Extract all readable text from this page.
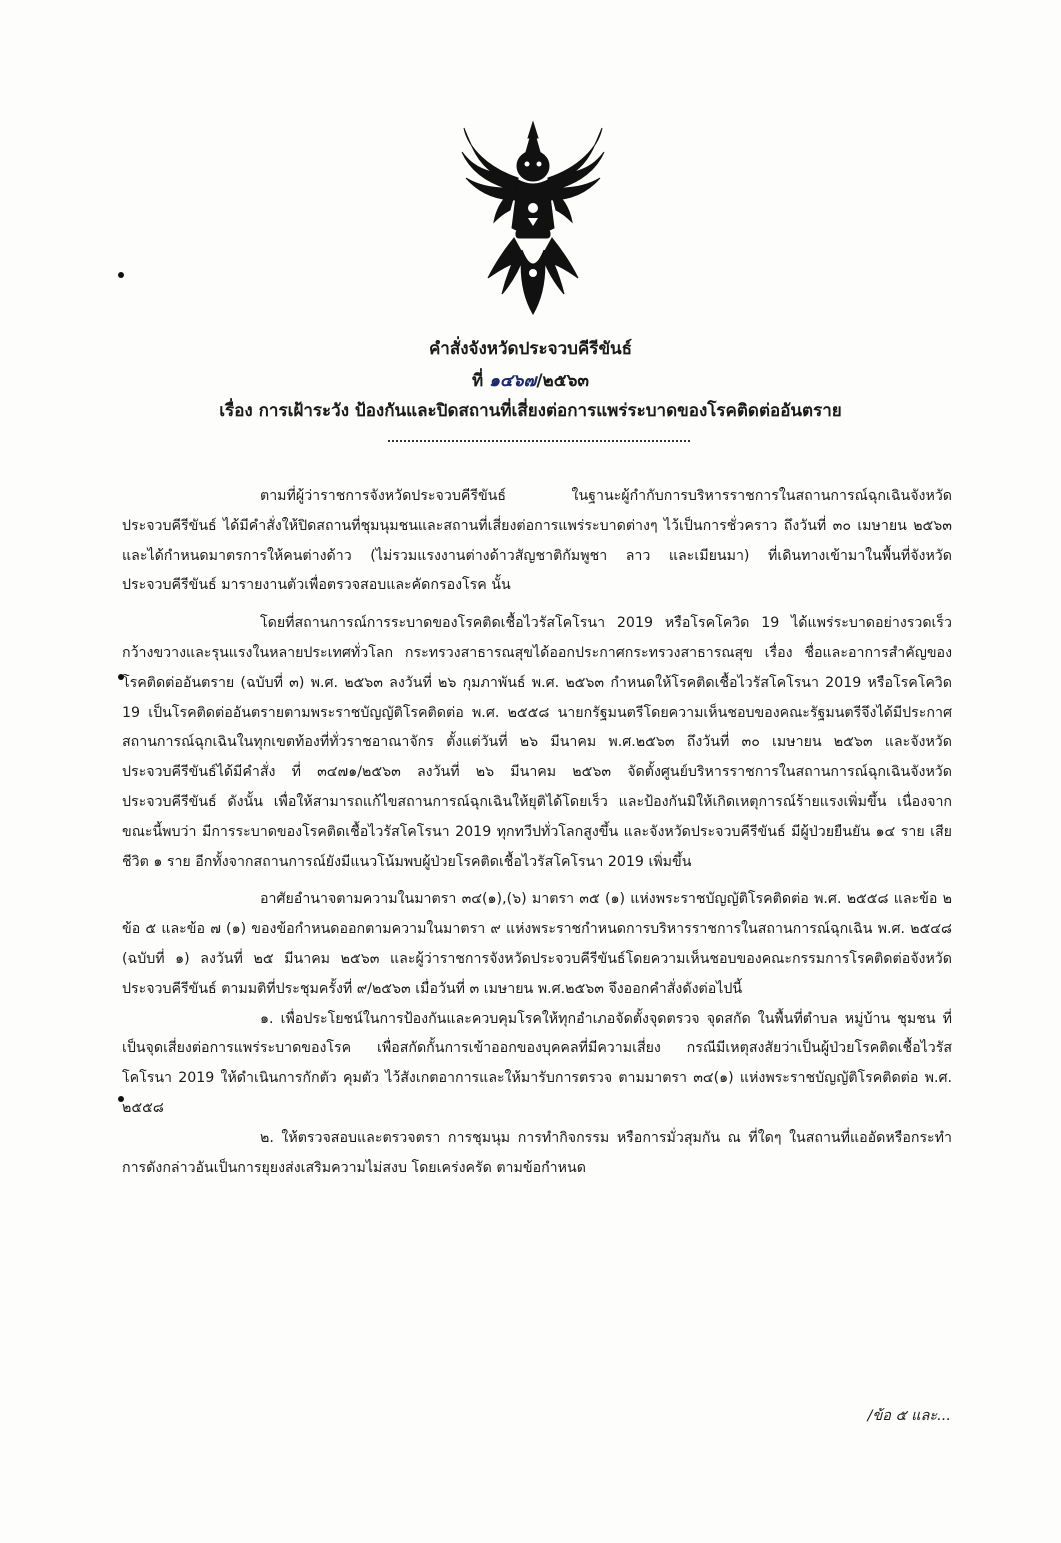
คำสั่งจังหวัดประจวบคีรีขันธ์
ที่ ๑๔๖๗/๒๕๖๓
เรื่อง การเฝ้าระวัง ป้องกันและปิดสถานที่เสี่ยงต่อการแพร่ระบาดของโรคติดต่ออันตราย

ตามที่ผู้ว่าราชการจังหวัดประจวบคีรีขันธ์ ในฐานะผู้กำกับการบริหารราชการในสถานการณ์ฉุกเฉินจังหวัดประจวบคีรีขันธ์ ได้มีคำสั่งให้ปิดสถานที่ชุมนุมชนและสถานที่เสี่ยงต่อการแพร่ระบาดต่างๆ ไว้เป็นการชั่วคราว ถึงวันที่ ๓๐ เมษายน ๒๕๖๓ และได้กำหนดมาตรการให้คนต่างด้าว (ไม่รวมแรงงานต่างด้าวสัญชาติกัมพูชา ลาว และเมียนมา) ที่เดินทางเข้ามาในพื้นที่จังหวัดประจวบคีรีขันธ์ มารายงานตัวเพื่อตรวจสอบและคัดกรองโรค นั้น

โดยที่สถานการณ์การระบาดของโรคติดเชื้อไวรัสโคโรนา 2019 หรือโรคโควิด 19 ได้แพร่ระบาดอย่างรวดเร็วกว้างขวางและรุนแรงในหลายประเทศทั่วโลก กระทรวงสาธารณสุขได้ออกประกาศกระทรวงสาธารณสุข เรื่อง ชื่อและอาการสำคัญของโรคติดต่ออันตราย (ฉบับที่ ๓) พ.ศ. ๒๕๖๓ ลงวันที่ ๒๖ กุมภาพันธ์ พ.ศ. ๒๕๖๓ กำหนดให้โรคติดเชื้อไวรัสโคโรนา 2019 หรือโรคโควิด 19 เป็นโรคติดต่ออันตรายตามพระราชบัญญัติโรคติดต่อ พ.ศ. ๒๕๕๘ นายกรัฐมนตรีโดยความเห็นชอบของคณะรัฐมนตรีจึงได้มีประกาศสถานการณ์ฉุกเฉินในทุกเขตท้องที่ทั่วราชอาณาจักร ตั้งแต่วันที่ ๒๖ มีนาคม พ.ศ.๒๕๖๓ ถึงวันที่ ๓๐ เมษายน ๒๕๖๓ และจังหวัดประจวบคีรีขันธ์ได้มีคำสั่ง ที่ ๓๔๗๑/๒๕๖๓ ลงวันที่ ๒๖ มีนาคม ๒๕๖๓ จัดตั้งศูนย์บริหารราชการในสถานการณ์ฉุกเฉินจังหวัดประจวบคีรีขันธ์ ดังนั้น เพื่อให้สามารถแก้ไขสถานการณ์ฉุกเฉินให้ยุติได้โดยเร็ว และป้องกันมิให้เกิดเหตุการณ์ร้ายแรงเพิ่มขึ้น เนื่องจากขณะนี้พบว่า มีการระบาดของโรคติดเชื้อไวรัสโคโรนา 2019 ทุกทวีปทั่วโลกสูงขึ้น และจังหวัดประจวบคีรีขันธ์ มีผู้ป่วยยืนยัน ๑๔ ราย เสียชีวิต ๑ ราย อีกทั้งจากสถานการณ์ยังมีแนวโน้มพบผู้ป่วยโรคติดเชื้อไวรัสโคโรนา 2019 เพิ่มขึ้น

อาศัยอำนาจตามความในมาตรา ๓๔(๑),(๖) มาตรา ๓๕ (๑) แห่งพระราชบัญญัติโรคติดต่อ พ.ศ. ๒๕๕๘ และข้อ ๒ ข้อ ๕ และข้อ ๗ (๑) ของข้อกำหนดออกตามความในมาตรา ๙ แห่งพระราชกำหนดการบริหารราชการในสถานการณ์ฉุกเฉิน พ.ศ. ๒๕๔๘ (ฉบับที่ ๑) ลงวันที่ ๒๕ มีนาคม ๒๕๖๓ และผู้ว่าราชการจังหวัดประจวบคีรีขันธ์โดยความเห็นชอบของคณะกรรมการโรคติดต่อจังหวัดประจวบคีรีขันธ์ ตามมติที่ประชุมครั้งที่ ๙/๒๕๖๓ เมื่อวันที่ ๓ เมษายน พ.ศ.๒๕๖๓ จึงออกคำสั่งดังต่อไปนี้

๑. เพื่อประโยชน์ในการป้องกันและควบคุมโรคให้ทุกอำเภอจัดตั้งจุดตรวจ จุดสกัด ในพื้นที่ตำบล หมู่บ้าน ชุมชน ที่เป็นจุดเสี่ยงต่อการแพร่ระบาดของโรค เพื่อสกัดกั้นการเข้าออกของบุคคลที่มีความเสี่ยง กรณีมีเหตุสงสัยว่าเป็นผู้ป่วยโรคติดเชื้อไวรัสโคโรนา 2019 ให้ดำเนินการกักตัว คุมตัว ไว้สังเกตอาการและให้มารับการตรวจ ตามมาตรา ๓๔(๑) แห่งพระราชบัญญัติโรคติดต่อ พ.ศ. ๒๕๕๘

๒. ให้ตรวจสอบและตรวจตรา การชุมนุม การทำกิจกรรม หรือการมั่วสุมกัน ณ ที่ใดๆ ในสถานที่แออัดหรือกระทำการดังกล่าวอันเป็นการยุยงส่งเสริมความไม่สงบ โดยเคร่งครัด ตามข้อกำหนด

/ข้อ ๕ และ...
